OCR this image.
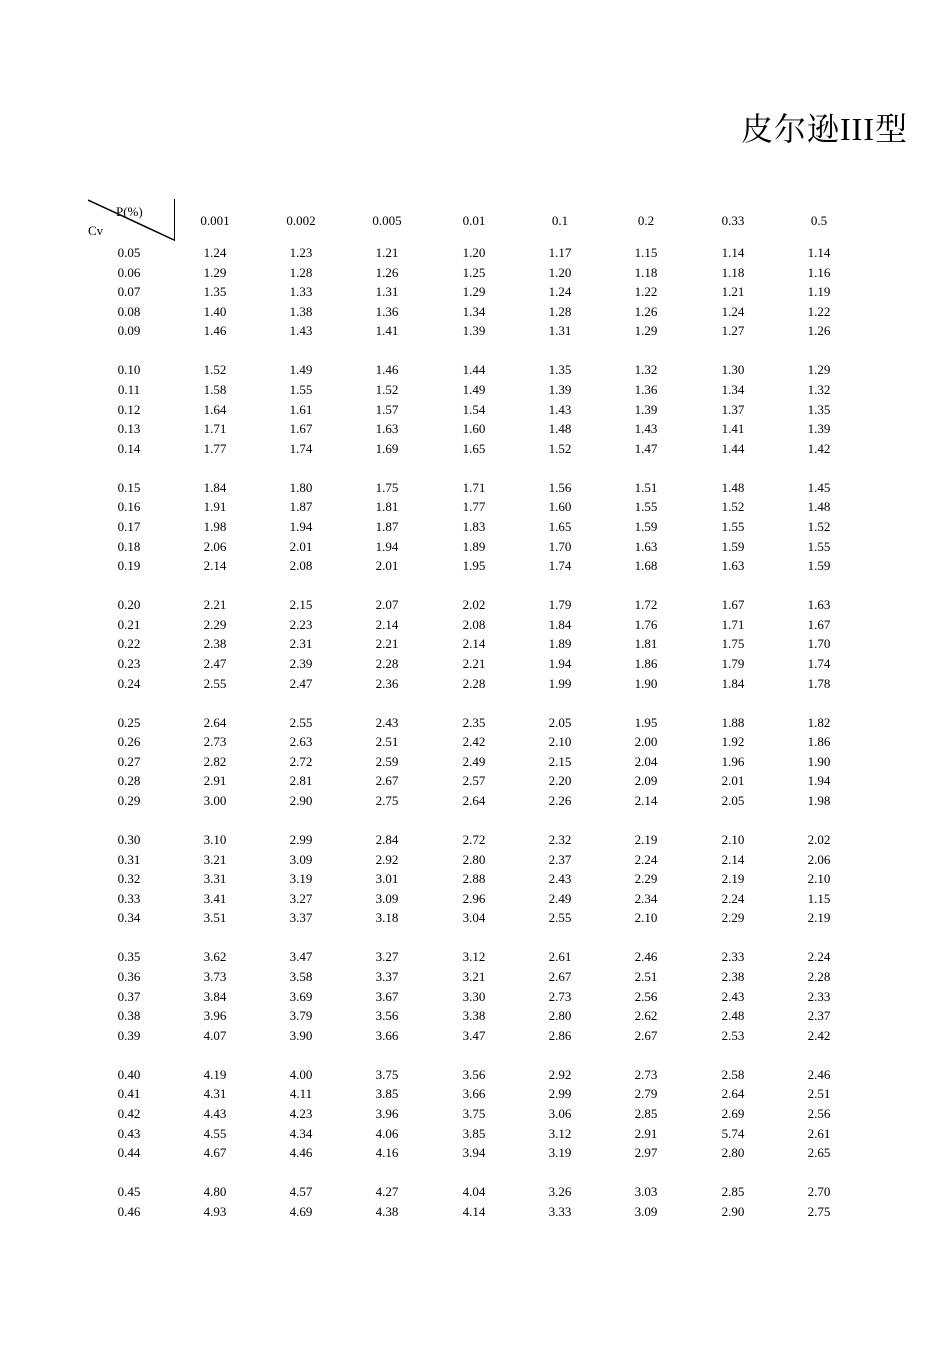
皮尔逊III型
P(%)
Cv
0.001	0.002	0.005	0.01	0.1	0.2	0.33	0.5
0.05	1.24	1.23	1.21	1.20	1.17	1.15	1.14	1.14
0.06	1.29	1.28	1.26	1.25	1.20	1.18	1.18	1.16
0.07	1.35	1.33	1.31	1.29	1.24	1.22	1.21	1.19
0.08	1.40	1.38	1.36	1.34	1.28	1.26	1.24	1.22
0.09	1.46	1.43	1.41	1.39	1.31	1.29	1.27	1.26
0.10	1.52	1.49	1.46	1.44	1.35	1.32	1.30	1.29
0.11	1.58	1.55	1.52	1.49	1.39	1.36	1.34	1.32
0.12	1.64	1.61	1.57	1.54	1.43	1.39	1.37	1.35
0.13	1.71	1.67	1.63	1.60	1.48	1.43	1.41	1.39
0.14	1.77	1.74	1.69	1.65	1.52	1.47	1.44	1.42
0.15	1.84	1.80	1.75	1.71	1.56	1.51	1.48	1.45
0.16	1.91	1.87	1.81	1.77	1.60	1.55	1.52	1.48
0.17	1.98	1.94	1.87	1.83	1.65	1.59	1.55	1.52
0.18	2.06	2.01	1.94	1.89	1.70	1.63	1.59	1.55
0.19	2.14	2.08	2.01	1.95	1.74	1.68	1.63	1.59
0.20	2.21	2.15	2.07	2.02	1.79	1.72	1.67	1.63
0.21	2.29	2.23	2.14	2.08	1.84	1.76	1.71	1.67
0.22	2.38	2.31	2.21	2.14	1.89	1.81	1.75	1.70
0.23	2.47	2.39	2.28	2.21	1.94	1.86	1.79	1.74
0.24	2.55	2.47	2.36	2.28	1.99	1.90	1.84	1.78
0.25	2.64	2.55	2.43	2.35	2.05	1.95	1.88	1.82
0.26	2.73	2.63	2.51	2.42	2.10	2.00	1.92	1.86
0.27	2.82	2.72	2.59	2.49	2.15	2.04	1.96	1.90
0.28	2.91	2.81	2.67	2.57	2.20	2.09	2.01	1.94
0.29	3.00	2.90	2.75	2.64	2.26	2.14	2.05	1.98
0.30	3.10	2.99	2.84	2.72	2.32	2.19	2.10	2.02
0.31	3.21	3.09	2.92	2.80	2.37	2.24	2.14	2.06
0.32	3.31	3.19	3.01	2.88	2.43	2.29	2.19	2.10
0.33	3.41	3.27	3.09	2.96	2.49	2.34	2.24	1.15
0.34	3.51	3.37	3.18	3.04	2.55	2.10	2.29	2.19
0.35	3.62	3.47	3.27	3.12	2.61	2.46	2.33	2.24
0.36	3.73	3.58	3.37	3.21	2.67	2.51	2.38	2.28
0.37	3.84	3.69	3.67	3.30	2.73	2.56	2.43	2.33
0.38	3.96	3.79	3.56	3.38	2.80	2.62	2.48	2.37
0.39	4.07	3.90	3.66	3.47	2.86	2.67	2.53	2.42
0.40	4.19	4.00	3.75	3.56	2.92	2.73	2.58	2.46
0.41	4.31	4.11	3.85	3.66	2.99	2.79	2.64	2.51
0.42	4.43	4.23	3.96	3.75	3.06	2.85	2.69	2.56
0.43	4.55	4.34	4.06	3.85	3.12	2.91	5.74	2.61
0.44	4.67	4.46	4.16	3.94	3.19	2.97	2.80	2.65
0.45	4.80	4.57	4.27	4.04	3.26	3.03	2.85	2.70
0.46	4.93	4.69	4.38	4.14	3.33	3.09	2.90	2.75
